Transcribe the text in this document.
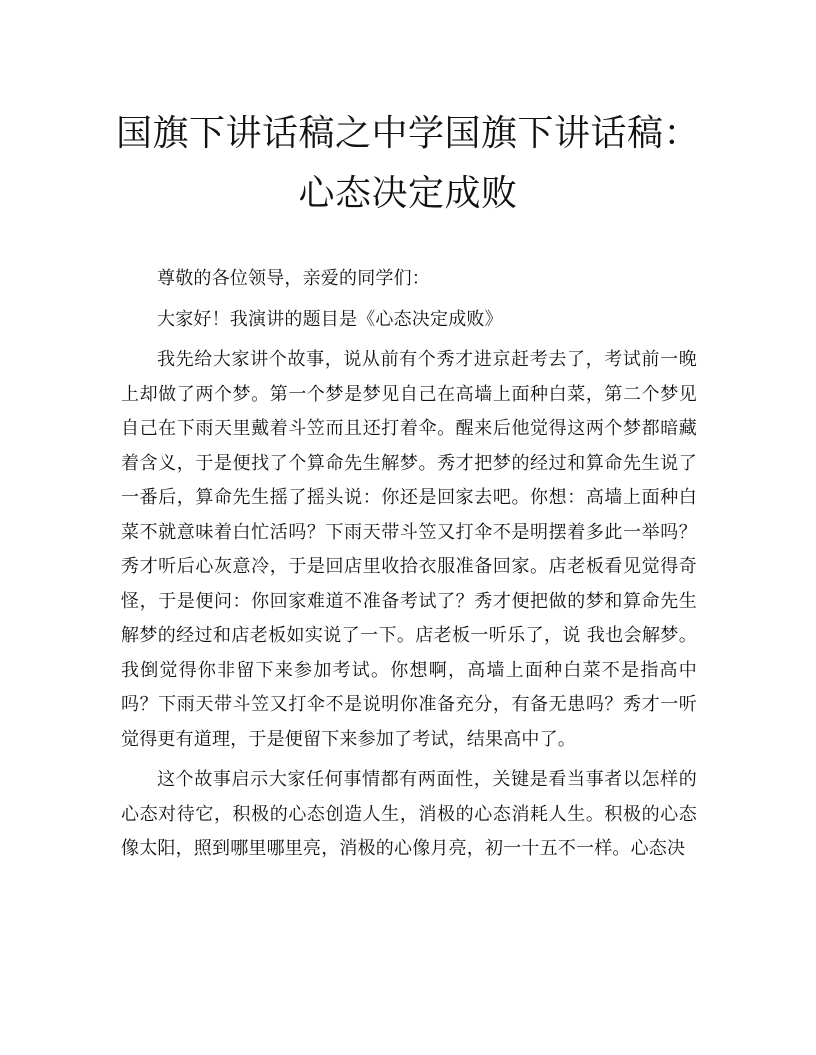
国旗下讲话稿之中学国旗下讲话稿：心态决定成败

尊敬的各位领导，亲爱的同学们：

大家好！我演讲的题目是《心态决定成败》

我先给大家讲个故事，说从前有个秀才进京赶考去了，考试前一晚上却做了两个梦。第一个梦是梦见自己在高墙上面种白菜，第二个梦见自己在下雨天里戴着斗笠而且还打着伞。醒来后他觉得这两个梦都暗藏着含义，于是便找了个算命先生解梦。秀才把梦的经过和算命先生说了一番后，算命先生摇了摇头说：你还是回家去吧。你想：高墙上面种白菜不就意味着白忙活吗？下雨天带斗笠又打伞不是明摆着多此一举吗？秀才听后心灰意冷，于是回店里收拾衣服准备回家。店老板看见觉得奇怪，于是便问：你回家难道不准备考试了？秀才便把做的梦和算命先生解梦的经过和店老板如实说了一下。店老板一听乐了，说 我也会解梦。我倒觉得你非留下来参加考试。你想啊，高墙上面种白菜不是指高中吗？下雨天带斗笠又打伞不是说明你准备充分，有备无患吗？秀才一听觉得更有道理，于是便留下来参加了考试，结果高中了。

这个故事启示大家任何事情都有两面性，关键是看当事者以怎样的心态对待它，积极的心态创造人生，消极的心态消耗人生。积极的心态像太阳，照到哪里哪里亮，消极的心像月亮，初一十五不一样。心态决
